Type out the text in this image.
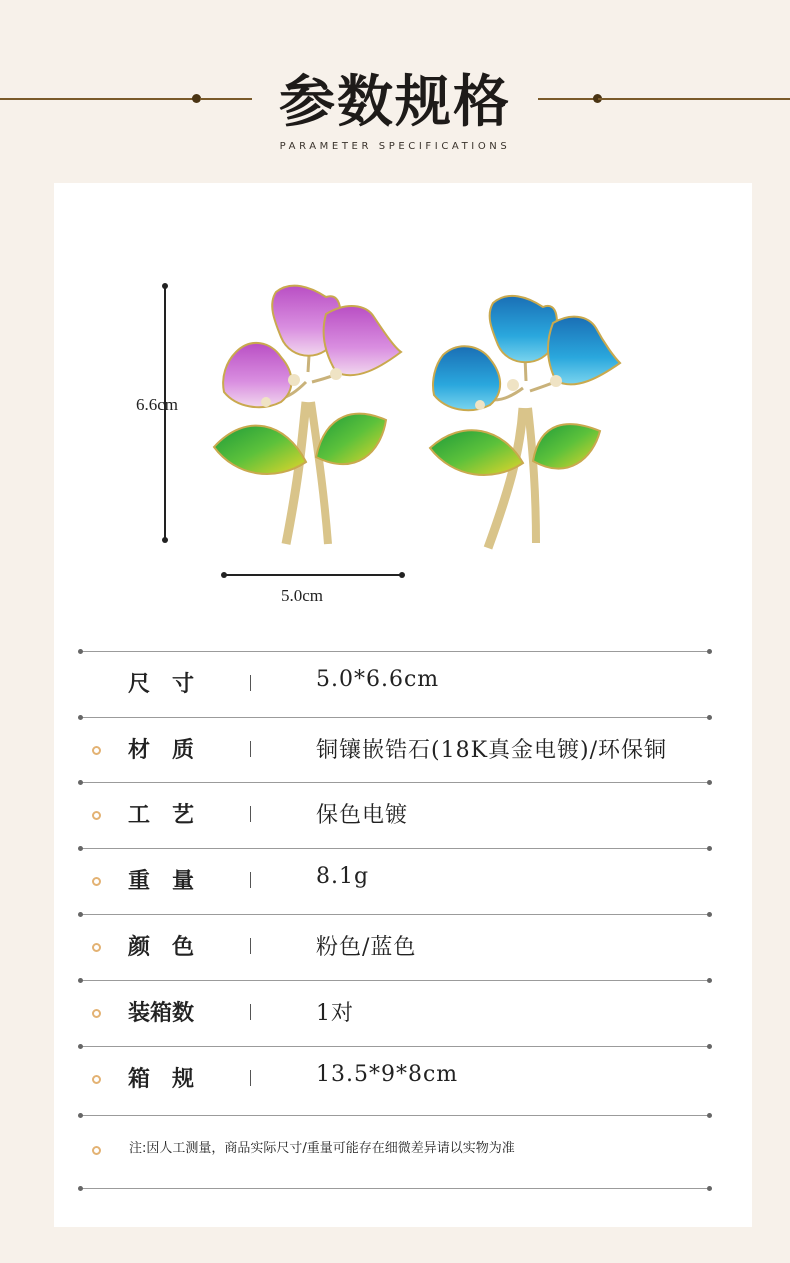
参数规格
PARAMETER SPECIFICATIONS
6.6cm
5.0cm
尺　寸	5.0*6.6cm
材　质	铜镶嵌锆石(18K真金电镀)/环保铜
工　艺	保色电镀
重　量	8.1g
颜　色	粉色/蓝色
装箱数	1对
箱　规	13.5*9*8cm
注:因人工测量，商品实际尺寸/重量可能存在细微差异请以实物为准
